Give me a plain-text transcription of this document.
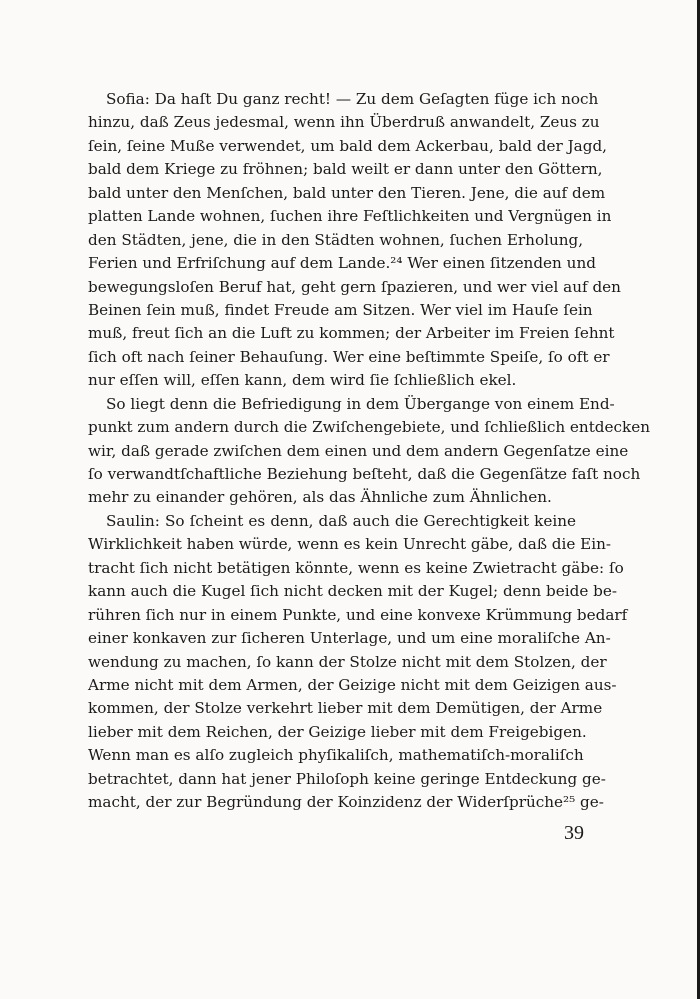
Sofia: Da haſt Du ganz recht! — Zu dem Geſagten füge ich noch
hinzu, daß Zeus jedesmal, wenn ihn Überdruß anwandelt, Zeus zu
ſein, ſeine Muße verwendet, um bald dem Ackerbau, bald der Jagd,
bald dem Kriege zu fröhnen; bald weilt er dann unter den Göttern,
bald unter den Menſchen, bald unter den Tieren. Jene, die auf dem
platten Lande wohnen, ſuchen ihre Feſtlichkeiten und Vergnügen in
den Städten, jene, die in den Städten wohnen, ſuchen Erholung,
Ferien und Erfriſchung auf dem Lande.²⁴ Wer einen ſitzenden und
bewegungsloſen Beruf hat, geht gern ſpazieren, und wer viel auf den
Beinen ſein muß, findet Freude am Sitzen. Wer viel im Hauſe ſein
muß, freut ſich an die Luft zu kommen; der Arbeiter im Freien ſehnt
ſich oft nach ſeiner Behauſung. Wer eine beſtimmte Speiſe, ſo oft er
nur eſſen will, eſſen kann, dem wird ſie ſchließlich ekel.
So liegt denn die Befriedigung in dem Übergange von einem End-
punkt zum andern durch die Zwiſchengebiete, und ſchließlich entdecken
wir, daß gerade zwiſchen dem einen und dem andern Gegenſatze eine
ſo verwandtſchaftliche Beziehung beſteht, daß die Gegenſätze faſt noch
mehr zu einander gehören, als das Ähnliche zum Ähnlichen.
Saulin: So ſcheint es denn, daß auch die Gerechtigkeit keine
Wirklichkeit haben würde, wenn es kein Unrecht gäbe, daß die Ein-
tracht ſich nicht betätigen könnte, wenn es keine Zwietracht gäbe: ſo
kann auch die Kugel ſich nicht decken mit der Kugel; denn beide be-
rühren ſich nur in einem Punkte, und eine konvexe Krümmung bedarf
einer konkaven zur ſicheren Unterlage, und um eine moraliſche An-
wendung zu machen, ſo kann der Stolze nicht mit dem Stolzen, der
Arme nicht mit dem Armen, der Geizige nicht mit dem Geizigen aus-
kommen, der Stolze verkehrt lieber mit dem Demütigen, der Arme
lieber mit dem Reichen, der Geizige lieber mit dem Freigebigen.
Wenn man es alſo zugleich phyſikaliſch, mathematiſch-moraliſch
betrachtet, dann hat jener Philoſoph keine geringe Entdeckung ge-
macht, der zur Begründung der Koinzidenz der Widerſprüche²⁵ ge-
39
